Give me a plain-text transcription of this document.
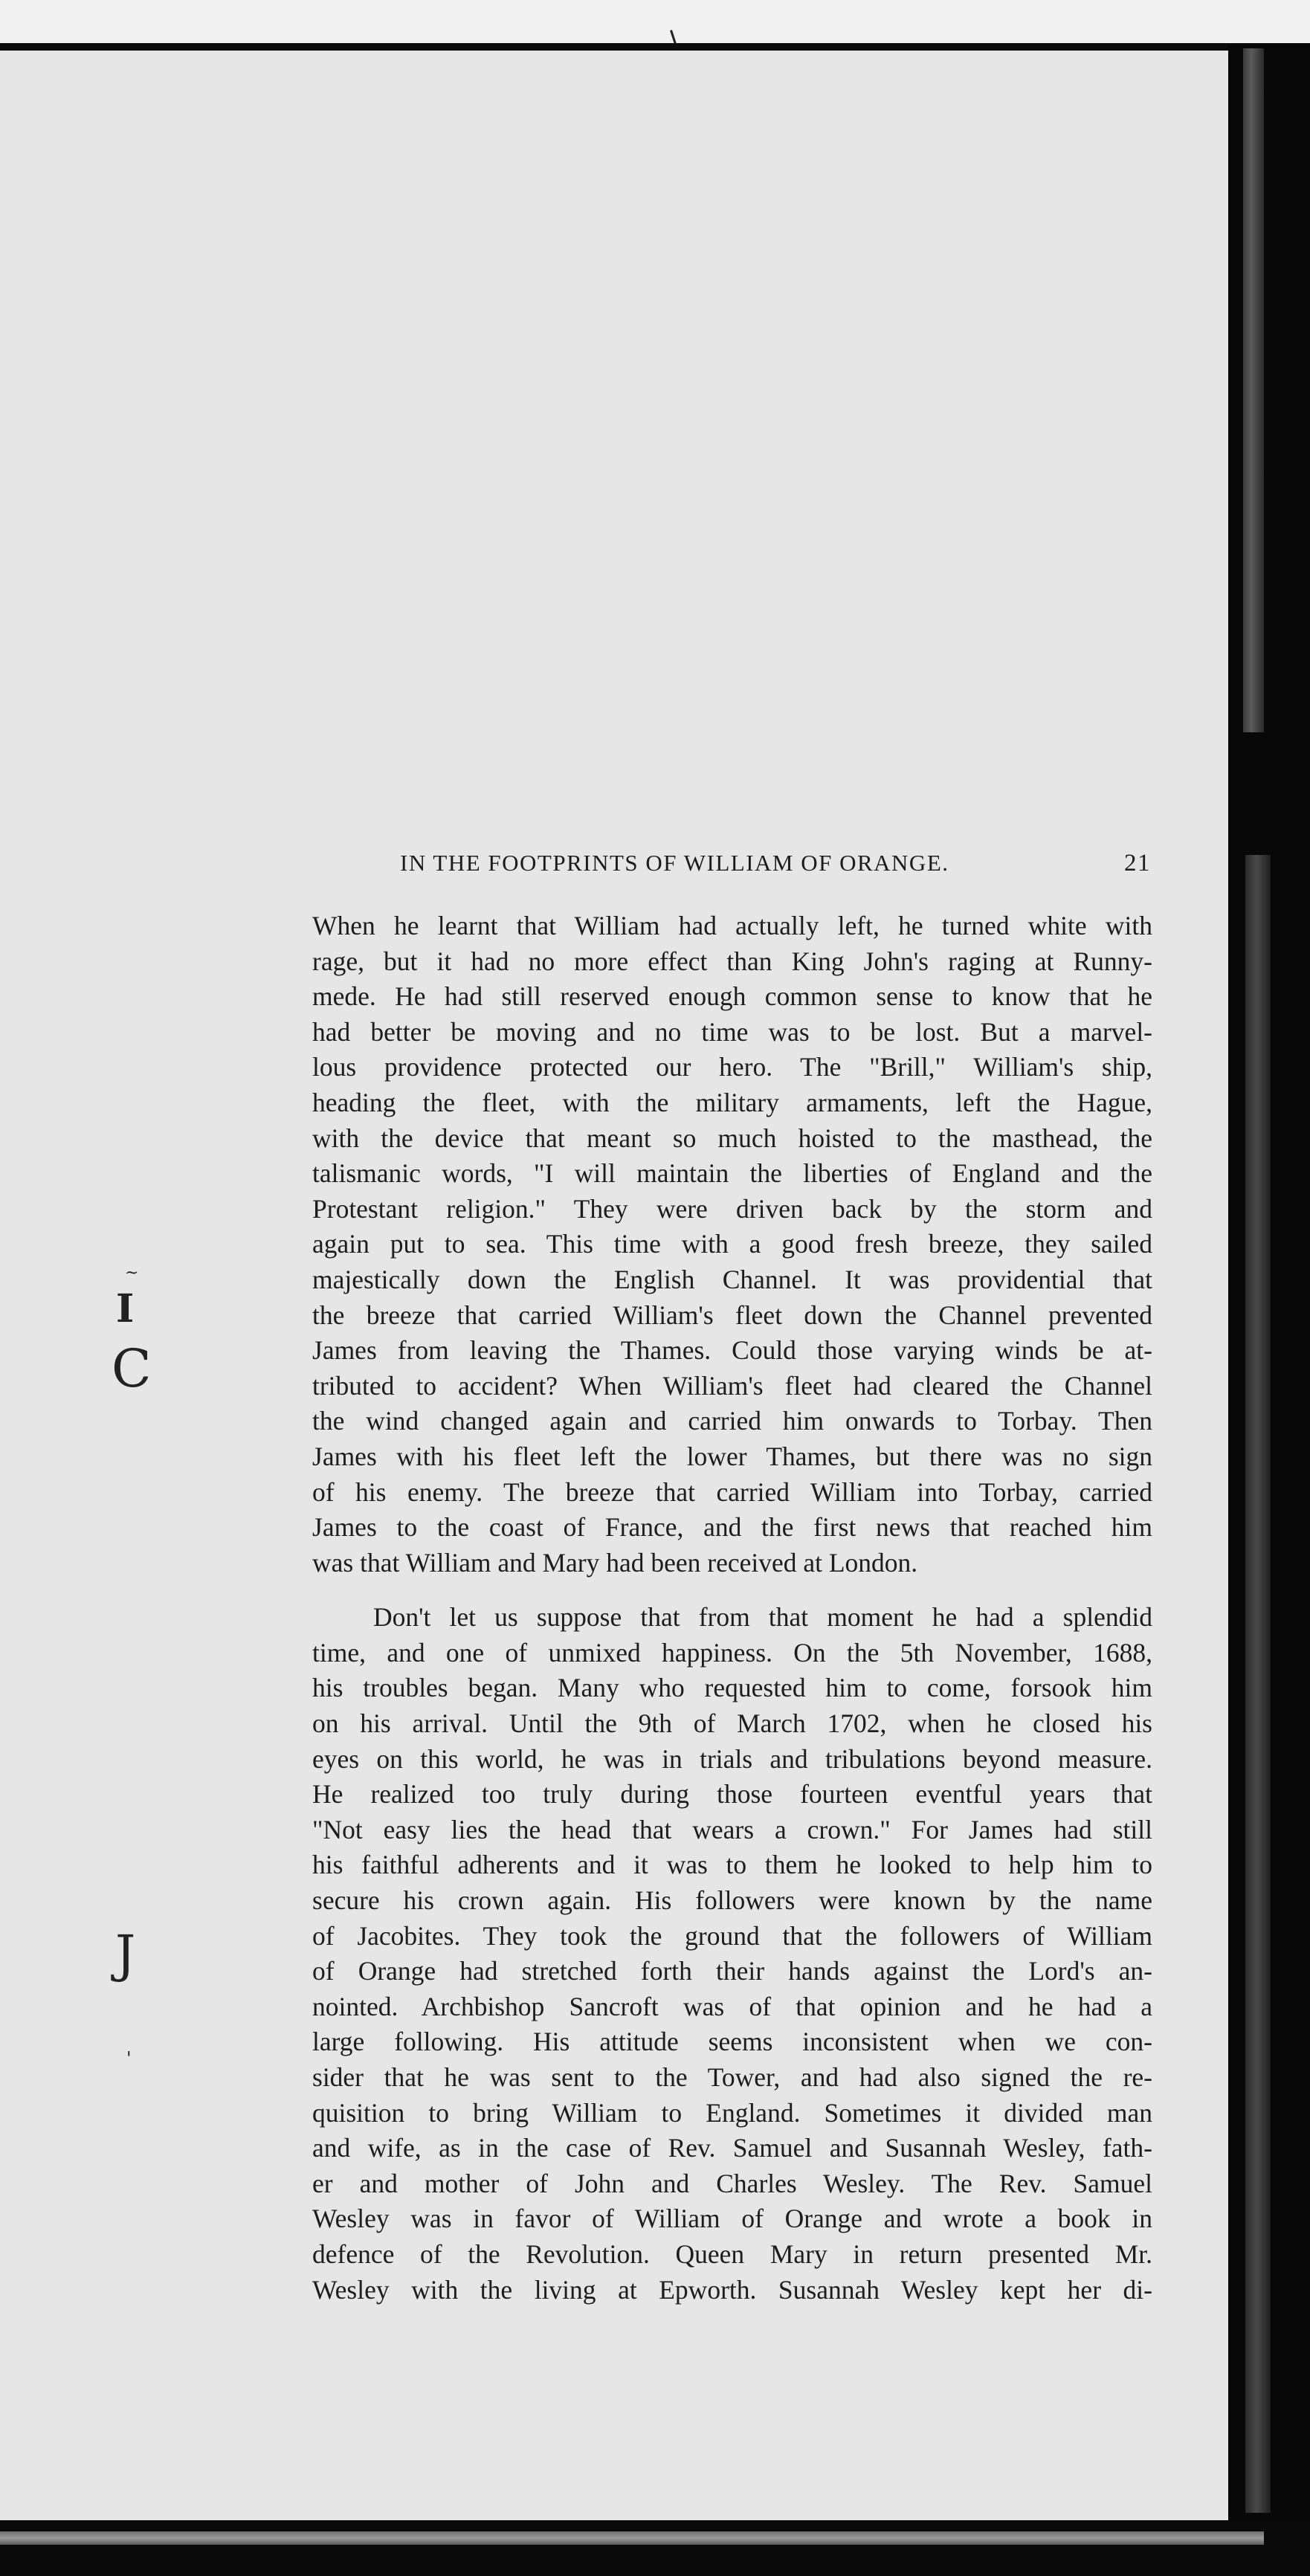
IN THE FOOTPRINTS OF WILLIAM OF ORANGE.	21
When he learnt that William had actually left, he turned white with
rage, but it had no more effect than King John's raging at Runny-
mede. He had still reserved enough common sense to know that he
had better be moving and no time was to be lost. But a marvel-
lous providence protected our hero. The "Brill," William's ship,
heading the fleet, with the military armaments, left the Hague,
with the device that meant so much hoisted to the masthead, the
talismanic words, "I will maintain the liberties of England and the
Protestant religion." They were driven back by the storm and
again put to sea. This time with a good fresh breeze, they sailed
majestically down the English Channel. It was providential that
the breeze that carried William's fleet down the Channel prevented
James from leaving the Thames. Could those varying winds be at-
tributed to accident? When William's fleet had cleared the Channel
the wind changed again and carried him onwards to Torbay. Then
James with his fleet left the lower Thames, but there was no sign
of his enemy. The breeze that carried William into Torbay, carried
James to the coast of France, and the first news that reached him
was that William and Mary had been received at London.
Don't let us suppose that from that moment he had a splendid
time, and one of unmixed happiness. On the 5th November, 1688,
his troubles began. Many who requested him to come, forsook him
on his arrival. Until the 9th of March 1702, when he closed his
eyes on this world, he was in trials and tribulations beyond measure.
He realized too truly during those fourteen eventful years that
"Not easy lies the head that wears a crown." For James had still
his faithful adherents and it was to them he looked to help him to
secure his crown again. His followers were known by the name
of Jacobites. They took the ground that the followers of William
of Orange had stretched forth their hands against the Lord's an-
nointed. Archbishop Sancroft was of that opinion and he had a
large following. His attitude seems inconsistent when we con-
sider that he was sent to the Tower, and had also signed the re-
quisition to bring William to England. Sometimes it divided man
and wife, as in the case of Rev. Samuel and Susannah Wesley, fath-
er and mother of John and Charles Wesley. The Rev. Samuel
Wesley was in favor of William of Orange and wrote a book in
defence of the Revolution. Queen Mary in return presented Mr.
Wesley with the living at Epworth. Susannah Wesley kept her di-
~
I
C
J
'
